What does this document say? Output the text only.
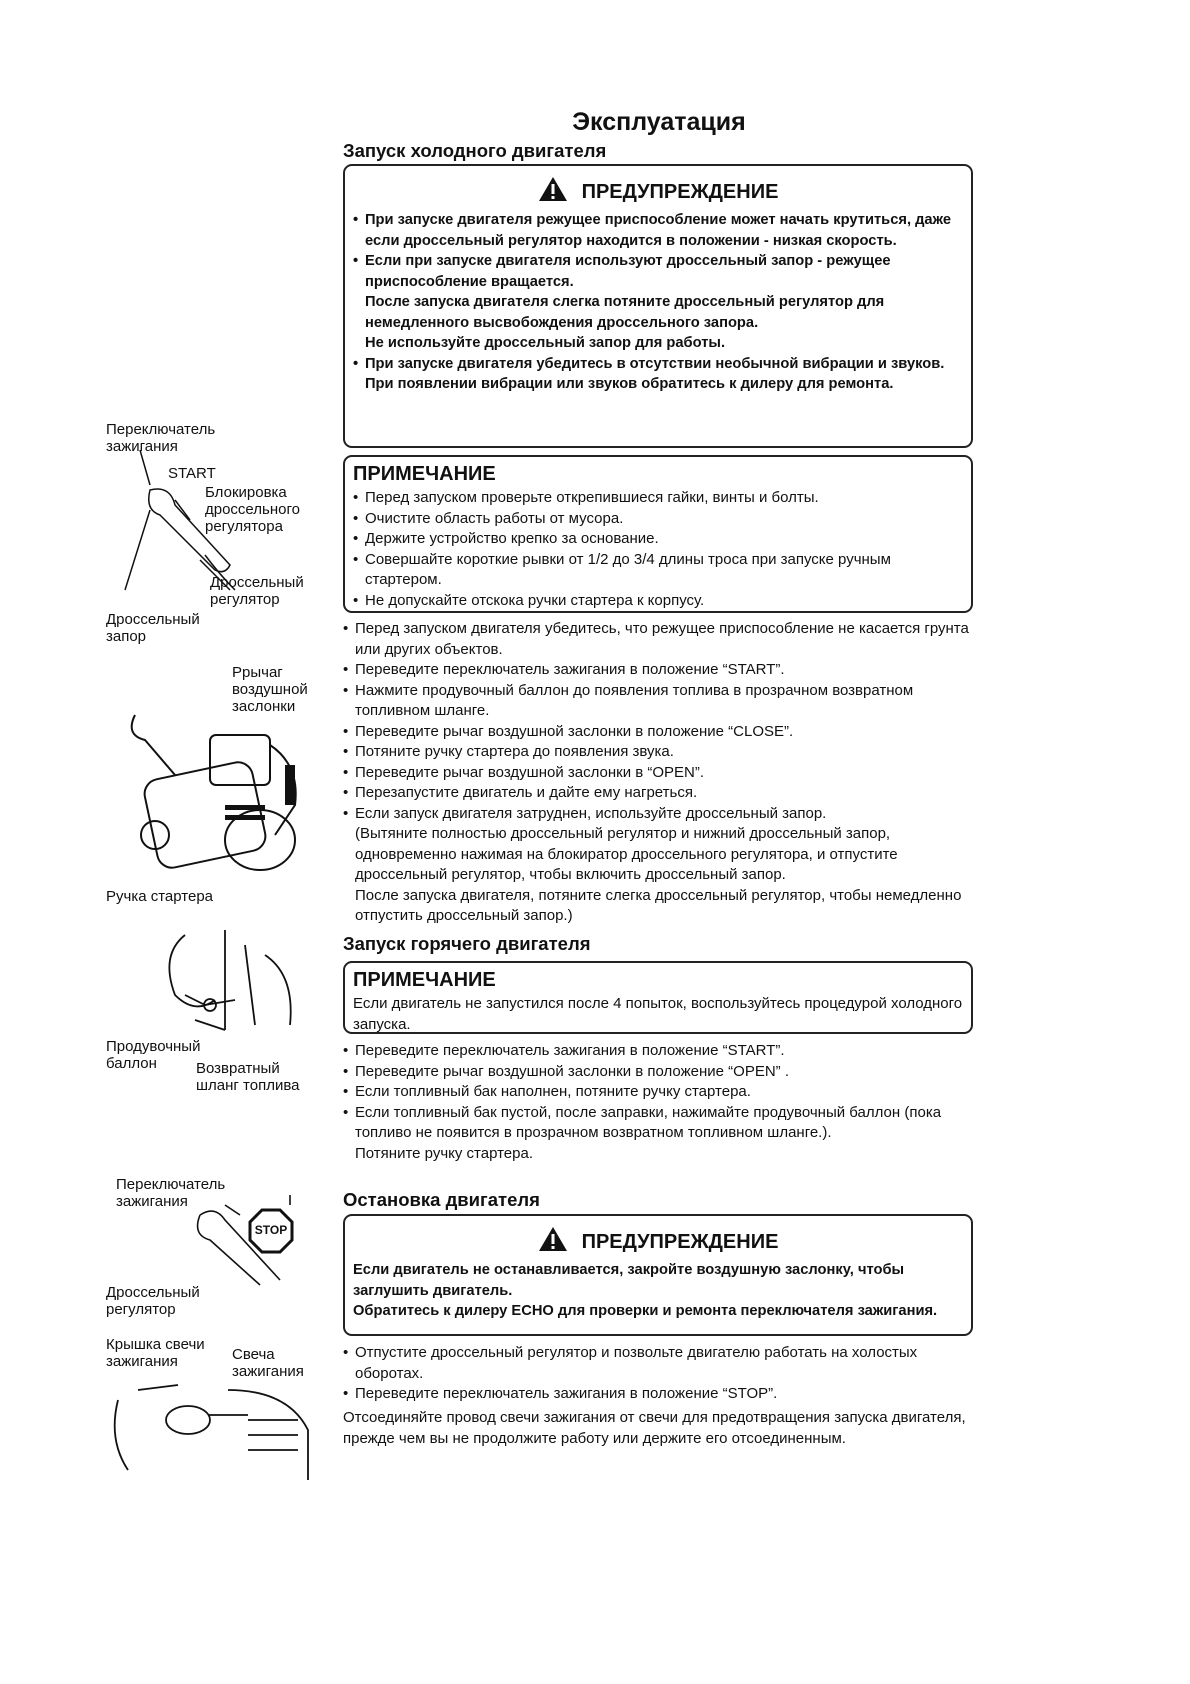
Эксплуатация
Запуск холодного двигателя
ПРЕДУПРЕЖДЕНИЕ
• При запуске двигателя режущее приспособление может начать крутиться, даже если дроссельный регулятор находится в положении - низкая скорость.
• Если при запуске двигателя используют дроссельный запор - режущее приспособление вращается.
После запуска двигателя слегка потяните дроссельный регулятор для немедленного высвобождения дроссельного запора.
Не используйте дроссельный запор для работы.
• При запуске двигателя убедитесь в отсутствии необычной вибрации и звуков.
При появлении вибрации или звуков обратитесь к дилеру для ремонта.
ПРИМЕЧАНИЕ
• Перед запуском проверьте открепившиеся гайки, винты и болты.
• Очистите область работы от мусора.
• Держите устройство крепко за основание.
• Совершайте короткие рывки от 1/2 до 3/4 длины троса при запуске ручным стартером.
• Не допускайте отскока ручки стартера к корпусу.
• Перед запуском двигателя убедитесь, что режущее приспособление не касается грунта или других объектов.
• Переведите переключатель зажигания в положение “START”.
• Нажмите продувочный баллон до появления топлива в прозрачном возвратном топливном шланге.
• Переведите рычаг воздушной заслонки в положение “CLOSE”.
• Потяните ручку стартера до появления звука.
• Переведите рычаг воздушной заслонки в “OPEN”.
• Перезапустите двигатель и дайте ему нагреться.
• Если запуск двигателя затруднен, используйте дроссельный запор.
(Вытяните полностью дроссельный регулятор и нижний дроссельный запор, одновременно нажимая на блокиратор дроссельного регулятора, и отпустите дроссельный регулятор, чтобы включить дроссельный запор.
После запуска двигателя, потяните слегка дроссельный регулятор, чтобы немедленно отпустить дроссельный запор.)
Запуск горячего двигателя
ПРИМЕЧАНИЕ
Если двигатель не запустился после 4 попыток, воспользуйтесь процедурой холодного запуска.
• Переведите переключатель зажигания в положение “START”.
• Переведите рычаг воздушной заслонки в положение “OPEN” .
• Если топливный бак наполнен, потяните ручку стартера.
• Если топливный бак пустой, после заправки, нажимайте продувочный баллон (пока топливо не появится в прозрачном возвратном топливном шланге.).
Потяните ручку стартера.
Остановка двигателя
ПРЕДУПРЕЖДЕНИЕ
Если двигатель не останавливается, закройте воздушную заслонку, чтобы заглушить двигатель.
Обратитесь к дилеру ECHO для проверки и ремонта переключателя зажигания.
• Отпустите дроссельный регулятор и позвольте двигателю работать на холостых оборотах.
• Переведите переключатель зажигания в положение “STOP”.
Отсоединяйте провод свечи зажигания от свечи для предотвращения запуска двигателя, прежде чем вы не продолжите работу или держите его отсоединенным.
Переключатель зажигания
START
Блокировка дроссельного регулятора
Дроссельный регулятор
Дроссельный запор
Ррычаг воздушной заслонки
Ручка стартера
Продувочный баллон	Возвратный шланг топлива
Переключатель зажигания
STOP
Дроссельный регулятор
Крышка свечи зажигания	Свеча зажигания
